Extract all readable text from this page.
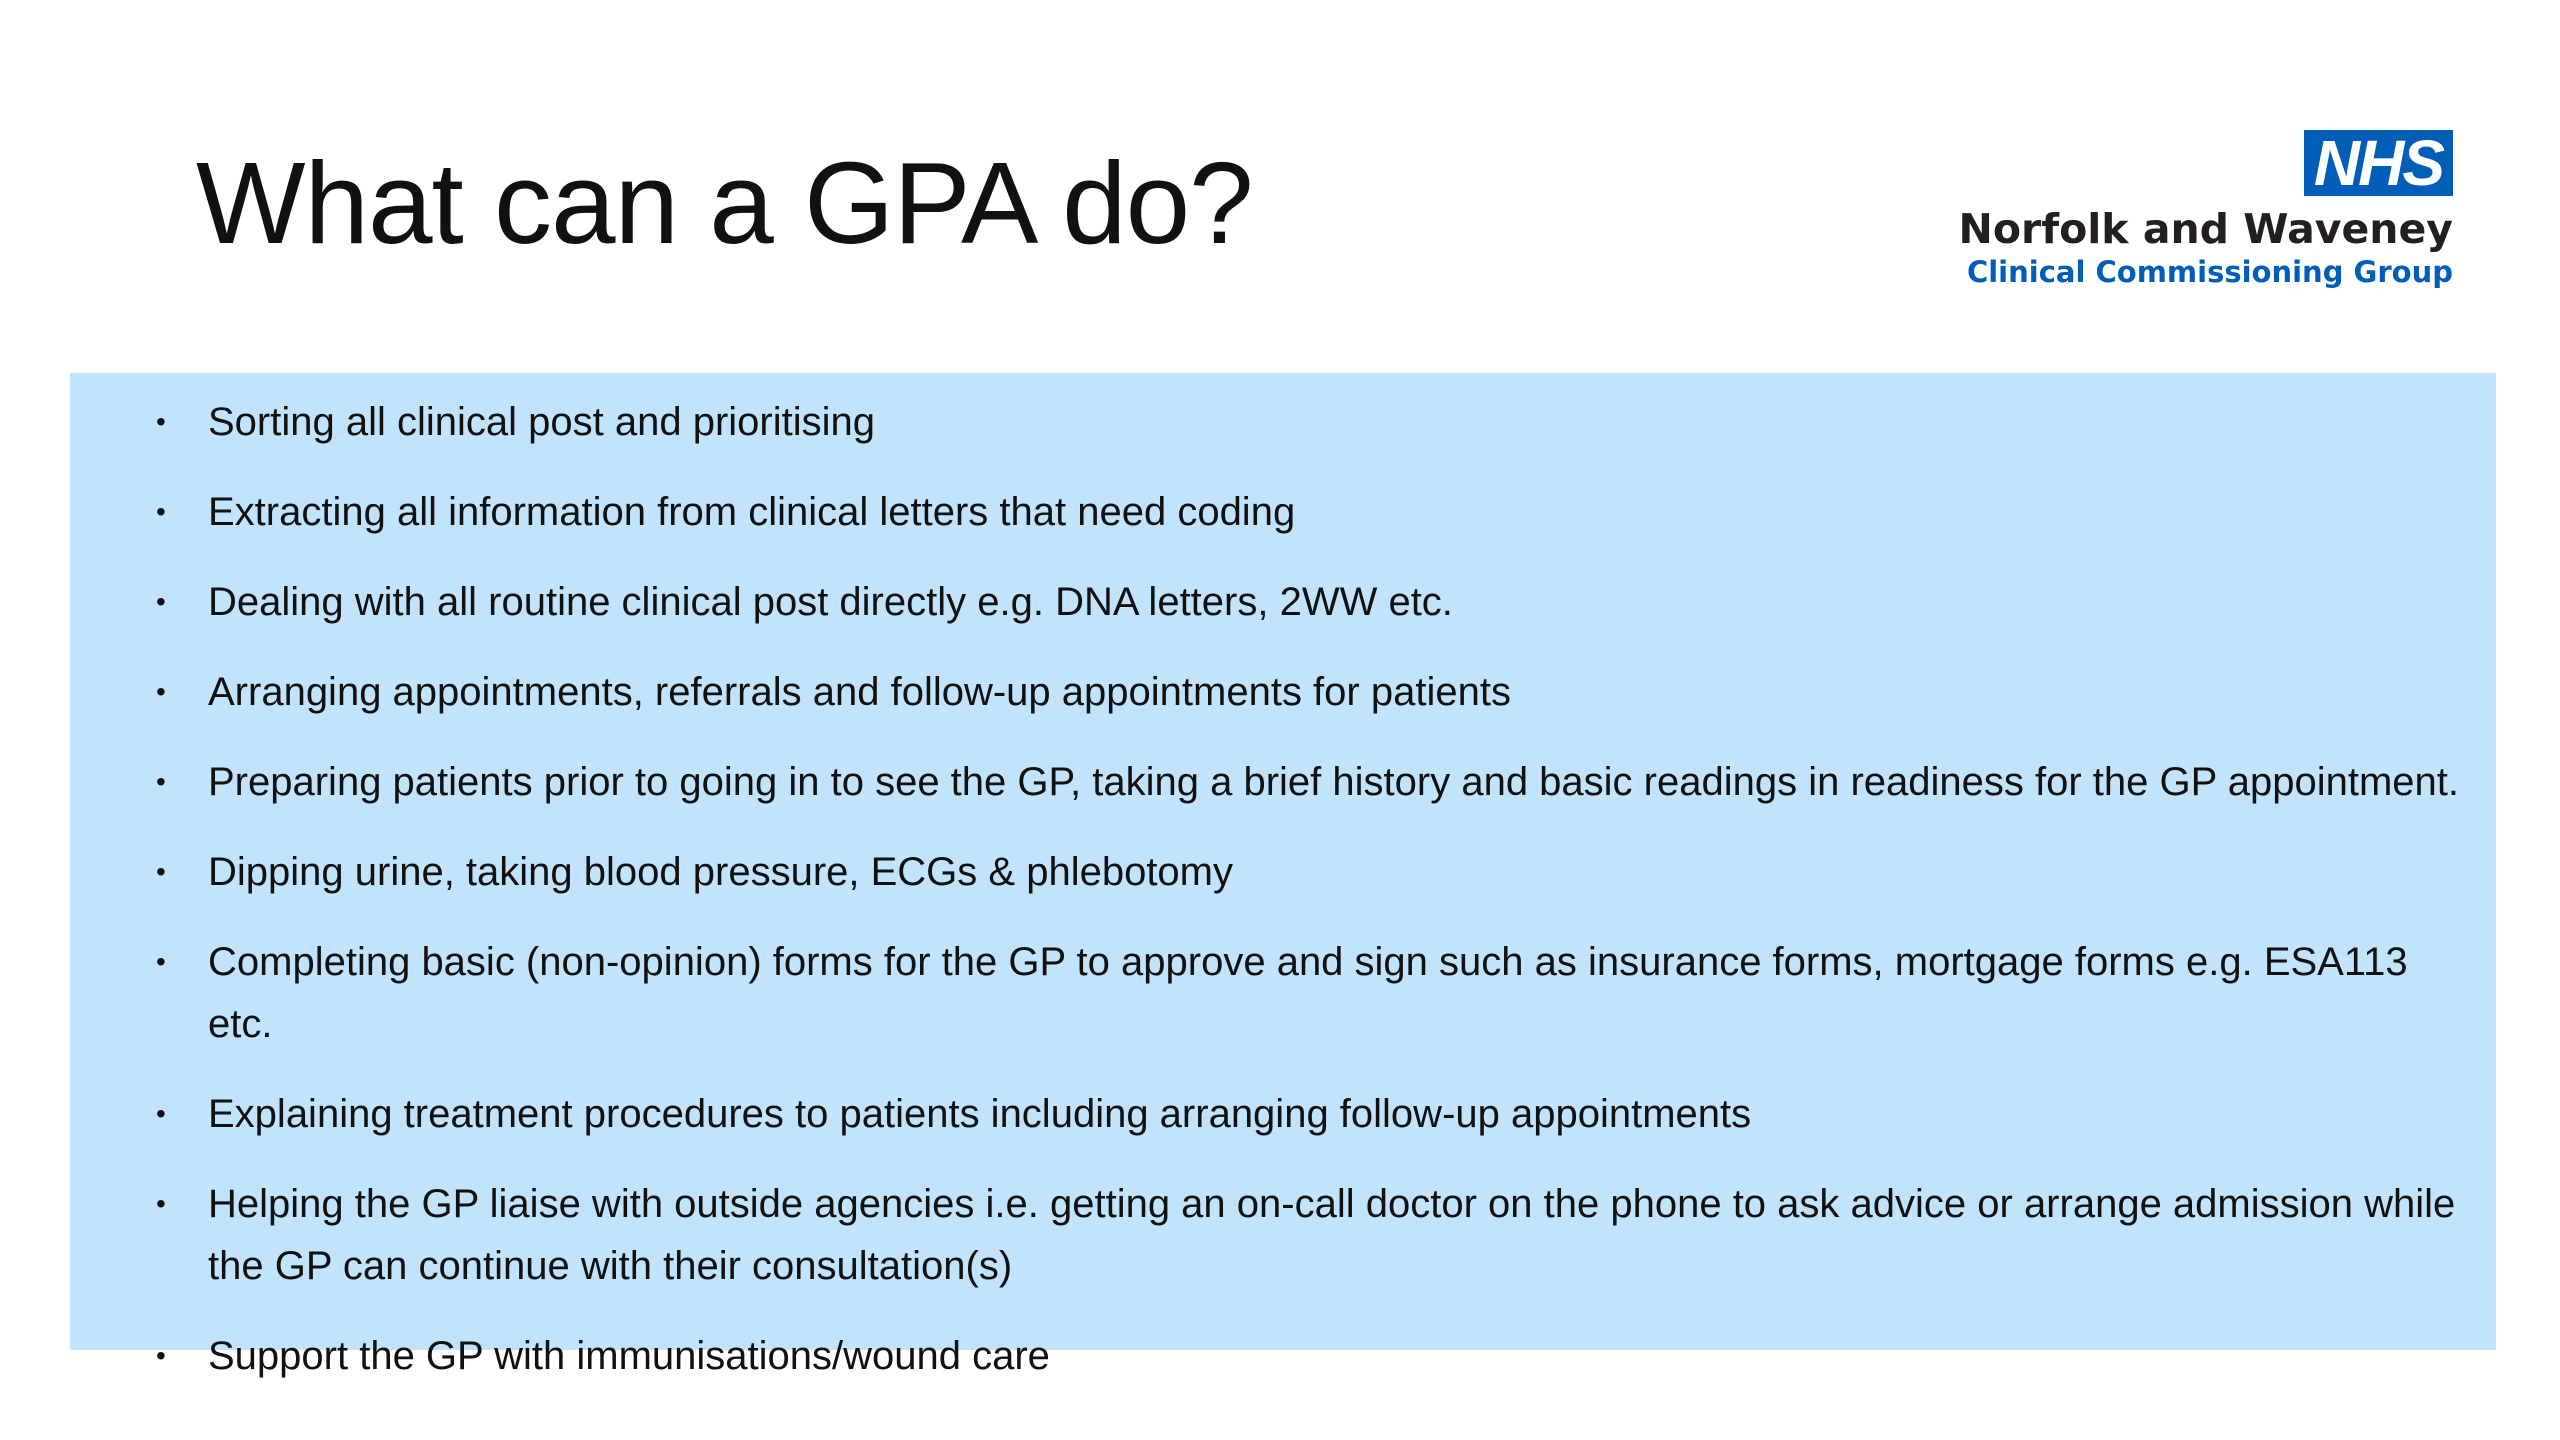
What can a GPA do?	NHS
Norfolk and Waveney
Clinical Commissioning Group
• Sorting all clinical post and prioritising
• Extracting all information from clinical letters that need coding
• Dealing with all routine clinical post directly e.g. DNA letters, 2WW etc.
• Arranging appointments, referrals and follow-up appointments for patients
• Preparing patients prior to going in to see the GP, taking a brief history and basic readings in readiness for the GP appointment.
• Dipping urine, taking blood pressure, ECGs & phlebotomy
• Completing basic (non-opinion) forms for the GP to approve and sign such as insurance forms, mortgage forms e.g. ESA113 etc.
• Explaining treatment procedures to patients including arranging follow-up appointments
• Helping the GP liaise with outside agencies i.e. getting an on-call doctor on the phone to ask advice or arrange admission while the GP can continue with their consultation(s)
• Support the GP with immunisations/wound care
